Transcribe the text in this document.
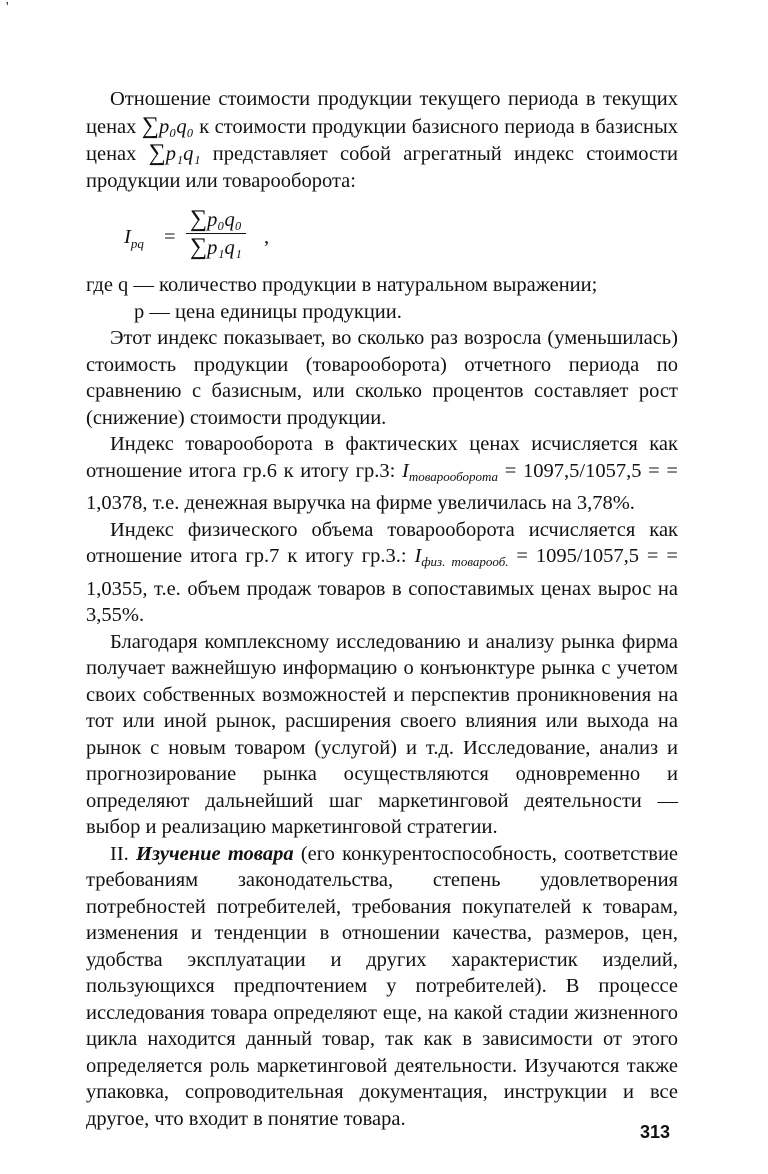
'

Отношение стоимости продукции текущего периода в текущих ценах ∑p₀q₀ к стоимости продукции базисного периода в базисных ценах ∑p₁q₁ представляет собой агрегатный индекс стоимости продукции или товарооборота:

$I_{pq} = \frac{\text{∑p₀q₀}}{\text{∑p₁q₁}}$ ,

где q — количество продукции в натуральном выражении;

p — цена единицы продукции.

Этот индекс показывает, во сколько раз возросла (уменьшилась) стоимость продукции (товарооборота) отчетного периода по сравнению с базисным, или сколько процентов составляет рост (снижение) стоимости продукции.

Индекс товарооборота в фактических ценах исчисляется как отношение итога гр.6 к итогу гр.3: Iтоварооборота = 1097,5/1057,5 = = 1,0378, т.е. денежная выручка на фирме увеличилась на 3,78%.

Индекс физического объема товарооборота исчисляется как отношение итога гр.7 к итогу гр.3.: Iфиз. товарооб. = 1095/1057,5 = = 1,0355, т.е. объем продаж товаров в сопоставимых ценах вырос на 3,55%.

Благодаря комплексному исследованию и анализу рынка фирма получает важнейшую информацию о конъюнктуре рынка с учетом своих собственных возможностей и перспектив проникновения на тот или иной рынок, расширения своего влияния или выхода на рынок с новым товаром (услугой) и т.д. Исследование, анализ и прогнозирование рынка осуществляются одновременно и определяют дальнейший шаг маркетинговой деятельности — выбор и реализацию маркетинговой стратегии.

II. Изучение товара (его конкурентоспособность, соответствие требованиям законодательства, степень удовлетворения потребностей потребителей, требования покупателей к товарам, изменения и тенденции в отношении качества, размеров, цен, удобства эксплуатации и других характеристик изделий, пользующихся предпочтением у потребителей). В процессе исследования товара определяют еще, на какой стадии жизненного цикла находится данный товар, так как в зависимости от этого определяется роль маркетинговой деятельности. Изучаются также упаковка, сопроводительная документация, инструкции и все другое, что входит в понятие товара.

313
